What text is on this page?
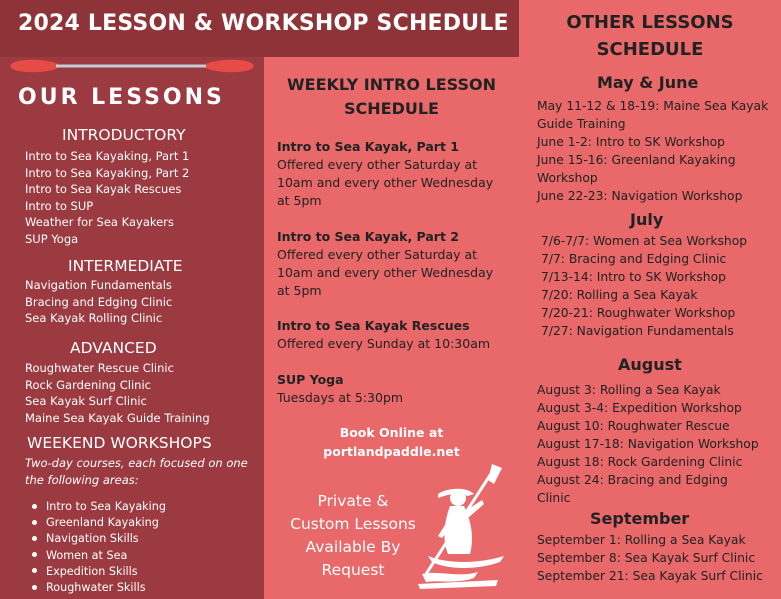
2024 LESSON & WORKSHOP SCHEDULE
OUR LESSONS
INTRODUCTORY
Intro to Sea Kayaking, Part 1
Intro to Sea Kayaking, Part 2
Intro to Sea Kayak Rescues
Intro to SUP
Weather for Sea Kayakers
SUP Yoga
INTERMEDIATE
Navigation Fundamentals
Bracing and Edging Clinic
Sea Kayak Rolling Clinic
ADVANCED
Roughwater Rescue Clinic
Rock Gardening Clinic
Sea Kayak Surf Clinic
Maine Sea Kayak Guide Training
WEEKEND WORKSHOPS
Two-day courses, each focused on one the following areas:
Intro to Sea Kayaking
Greenland Kayaking
Navigation Skills
Women at Sea
Expedition Skills
Roughwater Skills
WEEKLY INTRO LESSON
SCHEDULE
Intro to Sea Kayak, Part 1
Offered every other Saturday at 10am and every other Wednesday at 5pm
Intro to Sea Kayak, Part 2
Offered every other Saturday at 10am and every other Wednesday at 5pm
Intro to Sea Kayak Rescues
Offered every Sunday at 10:30am
SUP Yoga
Tuesdays at 5:30pm
Book Online at
portlandpaddle.net
Private &
Custom Lessons
Available By
Request
OTHER LESSONS
SCHEDULE
May & June
May 11-12 & 18-19: Maine Sea Kayak
Guide Training
June 1-2: Intro to SK Workshop
June 15-16: Greenland Kayaking
Workshop
June 22-23: Navigation Workshop
July
7/6-7/7: Women at Sea Workshop
7/7: Bracing and Edging Clinic
7/13-14: Intro to SK Workshop
7/20: Rolling a Sea Kayak
7/20-21: Roughwater Workshop
7/27: Navigation Fundamentals
August
August 3: Rolling a Sea Kayak
August 3-4: Expedition Workshop
August 10: Roughwater Rescue
August 17-18: Navigation Workshop
August 18: Rock Gardening Clinic
August 24: Bracing and Edging
Clinic
September
September 1: Rolling a Sea Kayak
September 8: Sea Kayak Surf Clinic
September 21: Sea Kayak Surf Clinic
